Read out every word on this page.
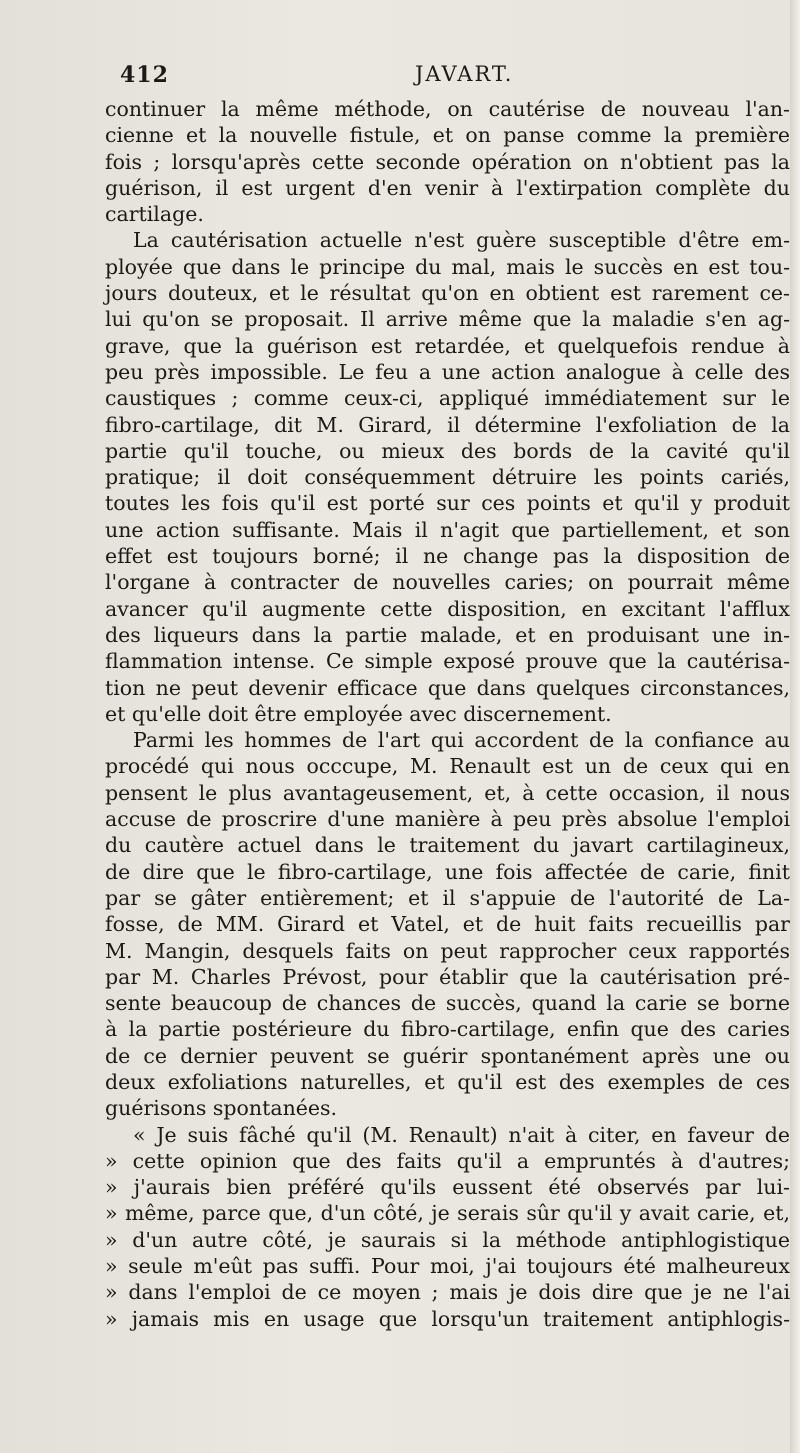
412	JAVART.
continuer la même méthode, on cautérise de nouveau l'an-
cienne et la nouvelle fistule, et on panse comme la première
fois ; lorsqu'après cette seconde opération on n'obtient pas la
guérison, il est urgent d'en venir à l'extirpation complète du
cartilage.
La cautérisation actuelle n'est guère susceptible d'être em-
ployée que dans le principe du mal, mais le succès en est tou-
jours douteux, et le résultat qu'on en obtient est rarement ce-
lui qu'on se proposait. Il arrive même que la maladie s'en ag-
grave, que la guérison est retardée, et quelquefois rendue à
peu près impossible. Le feu a une action analogue à celle des
caustiques ; comme ceux-ci, appliqué immédiatement sur le
fibro-cartilage, dit M. Girard, il détermine l'exfoliation de la
partie qu'il touche, ou mieux des bords de la cavité qu'il
pratique; il doit conséquemment détruire les points cariés,
toutes les fois qu'il est porté sur ces points et qu'il y produit
une action suffisante. Mais il n'agit que partiellement, et son
effet est toujours borné; il ne change pas la disposition de
l'organe à contracter de nouvelles caries; on pourrait même
avancer qu'il augmente cette disposition, en excitant l'afflux
des liqueurs dans la partie malade, et en produisant une in-
flammation intense. Ce simple exposé prouve que la cautérisa-
tion ne peut devenir efficace que dans quelques circonstances,
et qu'elle doit être employée avec discernement.
Parmi les hommes de l'art qui accordent de la confiance au
procédé qui nous occcupe, M. Renault est un de ceux qui en
pensent le plus avantageusement, et, à cette occasion, il nous
accuse de proscrire d'une manière à peu près absolue l'emploi
du cautère actuel dans le traitement du javart cartilagineux,
de dire que le fibro-cartilage, une fois affectée de carie, finit
par se gâter entièrement; et il s'appuie de l'autorité de La-
fosse, de MM. Girard et Vatel, et de huit faits recueillis par
M. Mangin, desquels faits on peut rapprocher ceux rapportés
par M. Charles Prévost, pour établir que la cautérisation pré-
sente beaucoup de chances de succès, quand la carie se borne
à la partie postérieure du fibro-cartilage, enfin que des caries
de ce dernier peuvent se guérir spontanément après une ou
deux exfoliations naturelles, et qu'il est des exemples de ces
guérisons spontanées.
« Je suis fâché qu'il (M. Renault) n'ait à citer, en faveur de
» cette opinion que des faits qu'il a empruntés à d'autres;
» j'aurais bien préféré qu'ils eussent été observés par lui-
» même, parce que, d'un côté, je serais sûr qu'il y avait carie, et,
» d'un autre côté, je saurais si la méthode antiphlogistique
» seule m'eût pas suffi. Pour moi, j'ai toujours été malheureux
» dans l'emploi de ce moyen ; mais je dois dire que je ne l'ai
» jamais mis en usage que lorsqu'un traitement antiphlogis-
